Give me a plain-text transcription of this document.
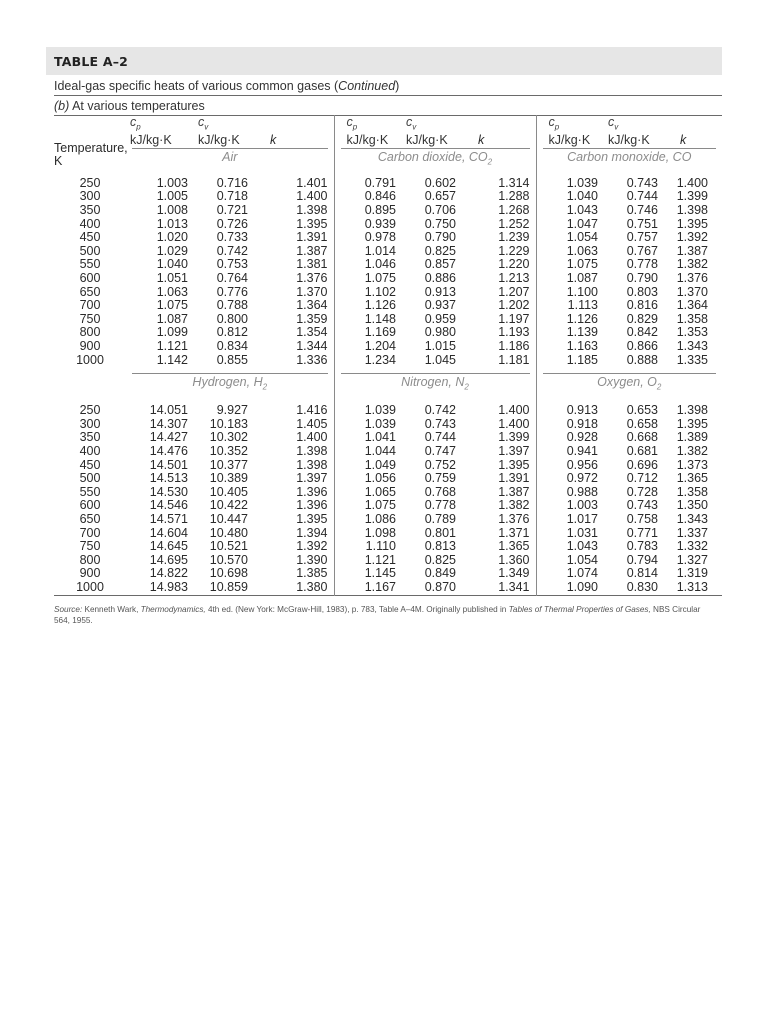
TABLE A–2
Ideal-gas specific heats of various common gases (Continued)
(b) At various temperatures
	$c_p$	$c_v$		$c_p$	$c_v$		$c_p$	$c_v$	
	kJ/kg·K	kJ/kg·K	k	kJ/kg·K	kJ/kg·K	k	kJ/kg·K	kJ/kg·K	k

Temperature,
K	Air			Carbon dioxide, $CO_2$			Carbon monoxide, CO		

250	1.003	0.716	1.401	0.791	0.602	1.314	1.039	0.743	1.400
300	1.005	0.718	1.400	0.846	0.657	1.288	1.040	0.744	1.399
350	1.008	0.721	1.398	0.895	0.706	1.268	1.043	0.746	1.398
400	1.013	0.726	1.395	0.939	0.750	1.252	1.047	0.751	1.395
450	1.020	0.733	1.391	0.978	0.790	1.239	1.054	0.757	1.392
500	1.029	0.742	1.387	1.014	0.825	1.229	1.063	0.767	1.387
550	1.040	0.753	1.381	1.046	0.857	1.220	1.075	0.778	1.382
600	1.051	0.764	1.376	1.075	0.886	1.213	1.087	0.790	1.376
650	1.063	0.776	1.370	1.102	0.913	1.207	1.100	0.803	1.370
700	1.075	0.788	1.364	1.126	0.937	1.202	1.113	0.816	1.364
750	1.087	0.800	1.359	1.148	0.959	1.197	1.126	0.829	1.358
800	1.099	0.812	1.354	1.169	0.980	1.193	1.139	0.842	1.353
900	1.121	0.834	1.344	1.204	1.015	1.186	1.163	0.866	1.343
1000	1.142	0.855	1.336	1.234	1.045	1.181	1.185	0.888	1.335

	Hydrogen, $H_2$			Nitrogen, $N_2$			Oxygen, $O_2$

250	14.051	9.927	1.416	1.039	0.742	1.400	0.913	0.653	1.398
300	14.307	10.183	1.405	1.039	0.743	1.400	0.918	0.658	1.395
350	14.427	10.302	1.400	1.041	0.744	1.399	0.928	0.668	1.389
400	14.476	10.352	1.398	1.044	0.747	1.397	0.941	0.681	1.382
450	14.501	10.377	1.398	1.049	0.752	1.395	0.956	0.696	1.373
500	14.513	10.389	1.397	1.056	0.759	1.391	0.972	0.712	1.365
550	14.530	10.405	1.396	1.065	0.768	1.387	0.988	0.728	1.358
600	14.546	10.422	1.396	1.075	0.778	1.382	1.003	0.743	1.350
650	14.571	10.447	1.395	1.086	0.789	1.376	1.017	0.758	1.343
700	14.604	10.480	1.394	1.098	0.801	1.371	1.031	0.771	1.337
750	14.645	10.521	1.392	1.110	0.813	1.365	1.043	0.783	1.332
800	14.695	10.570	1.390	1.121	0.825	1.360	1.054	0.794	1.327
900	14.822	10.698	1.385	1.145	0.849	1.349	1.074	0.814	1.319
1000	14.983	10.859	1.380	1.167	0.870	1.341	1.090	0.830	1.313
Source: Kenneth Wark, Thermodynamics, 4th ed. (New York: McGraw-Hill, 1983), p. 783, Table A–4M. Originally published in Tables of Thermal Properties of Gases, NBS Circular 564, 1955.
